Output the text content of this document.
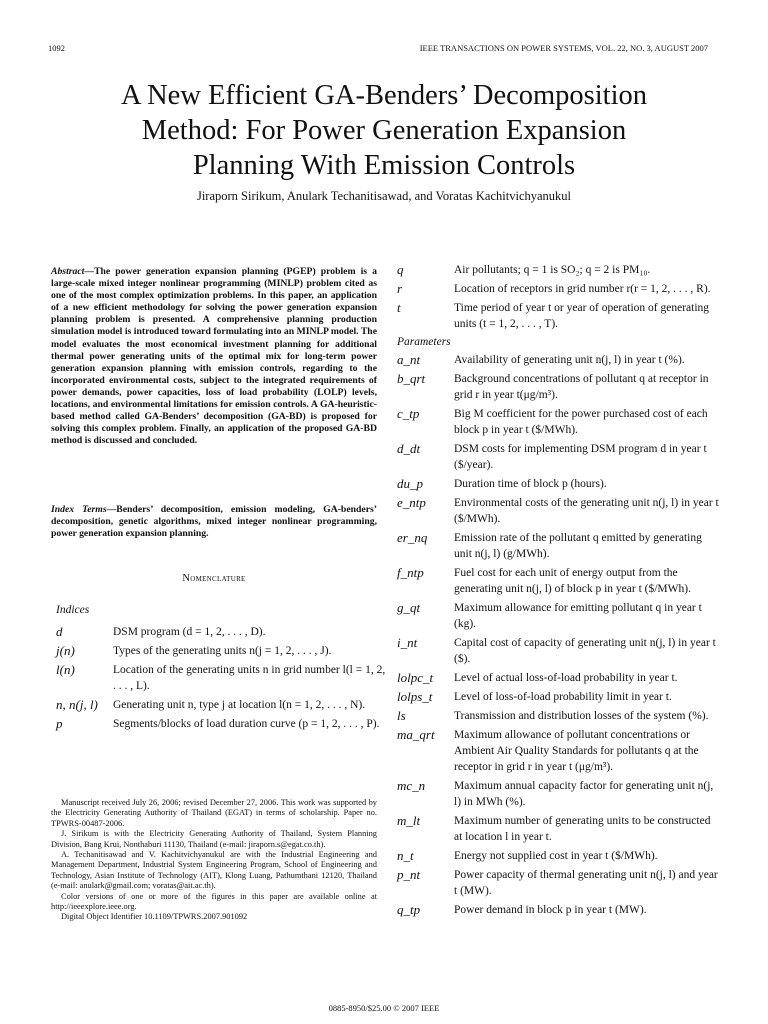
1092	IEEE TRANSACTIONS ON POWER SYSTEMS, VOL. 22, NO. 3, AUGUST 2007
A New Efficient GA-Benders’ Decomposition
Method: For Power Generation Expansion
Planning With Emission Controls
Jiraporn Sirikum, Anulark Techanitisawad, and Voratas Kachitvichyanukul
Abstract—The power generation expansion planning (PGEP) problem is a large-scale mixed integer nonlinear programming (MINLP) problem cited as one of the most complex optimization problems. In this paper, an application of a new efficient methodology for solving the power generation expansion planning problem is presented. A comprehensive planning production simulation model is introduced toward formulating into an MINLP model. The model evaluates the most economical investment planning for additional thermal power generating units of the optimal mix for long-term power generation expansion planning with emission controls, regarding to the incorporated environmental costs, subject to the integrated requirements of power demands, power capacities, loss of load probability (LOLP) levels, locations, and environmental limitations for emission controls. A GA-heuristic-based method called GA-Benders’ decomposition (GA-BD) is proposed for solving this complex problem. Finally, an application of the proposed GA-BD method is discussed and concluded.
Index Terms—Benders’ decomposition, emission modeling, GA-benders’ decomposition, genetic algorithms, mixed integer nonlinear programming, power generation expansion planning.
Nomenclature
Indices
d	DSM program (d = 1, 2, . . . , D).
j(n)	Types of the generating units n(j = 1, 2, . . . , J).
l(n)	Location of the generating units n in grid number l(l = 1, 2, . . . , L).
n, n(j, l)	Generating unit n, type j at location l(n = 1, 2, . . . , N).
p	Segments/blocks of load duration curve (p = 1, 2, . . . , P).

Manuscript received July 26, 2006; revised December 27, 2006. This work was supported by the Electricity Generating Authority of Thailand (EGAT) in terms of scholarship. Paper no. TPWRS-00487-2006.

J. Sirikum is with the Electricity Generating Authority of Thailand, System Planning Division, Bang Krui, Nonthaburi 11130, Thailand (e-mail: jiraporn.s@egat.co.th).

A. Techanitisawad and V. Kachitvichyanukul are with the Industrial Engineering and Management Department, Industrial System Engineering Program, School of Engineering and Technology, Asian Institute of Technology (AIT), Klong Luang, Pathumthani 12120, Thailand (e-mail: anulark@gmail.com; voratas@ait.ac.th).

Color versions of one or more of the figures in this paper are available online at http://ieeexplore.ieee.org.

Digital Object Identifier 10.1109/TPWRS.2007.901092

q	Air pollutants; q = 1 is SO₂; q = 2 is PM₁₀.
r	Location of receptors in grid number r(r = 1, 2, . . . , R).
t	Time period of year t or year of operation of generating units (t = 1, 2, . . . , T).
Parameters
a_nt	Availability of generating unit n(j, l) in year t (%).
b_qrt	Background concentrations of pollutant q at receptor in grid r in year t(μg/m³).
c_tp	Big M coefficient for the power purchased cost of each block p in year t ($/MWh).
d_dt	DSM costs for implementing DSM program d in year t ($/year).
du_p	Duration time of block p (hours).
e_ntp	Environmental costs of the generating unit n(j, l) in year t ($/MWh).
er_nq	Emission rate of the pollutant q emitted by generating unit n(j, l) (g/MWh).
f_ntp	Fuel cost for each unit of energy output from the generating unit n(j, l) of block p in year t ($/MWh).
g_qt	Maximum allowance for emitting pollutant q in year t (kg).
i_nt	Capital cost of capacity of generating unit n(j, l) in year t ($).
lolpc_t	Level of actual loss-of-load probability in year t.
lolps_t	Level of loss-of-load probability limit in year t.
ls	Transmission and distribution losses of the system (%).
ma_qrt	Maximum allowance of pollutant concentrations or Ambient Air Quality Standards for pollutants q at the receptor in grid r in year t (μg/m³).
mc_n	Maximum annual capacity factor for generating unit n(j, l) in MWh (%).
m_lt	Maximum number of generating units to be constructed at location l in year t.
n_t	Energy not supplied cost in year t ($/MWh).
p_nt	Power capacity of thermal generating unit n(j, l) and year t (MW).
q_tp	Power demand in block p in year t (MW).
0885-8950/$25.00 © 2007 IEEE
